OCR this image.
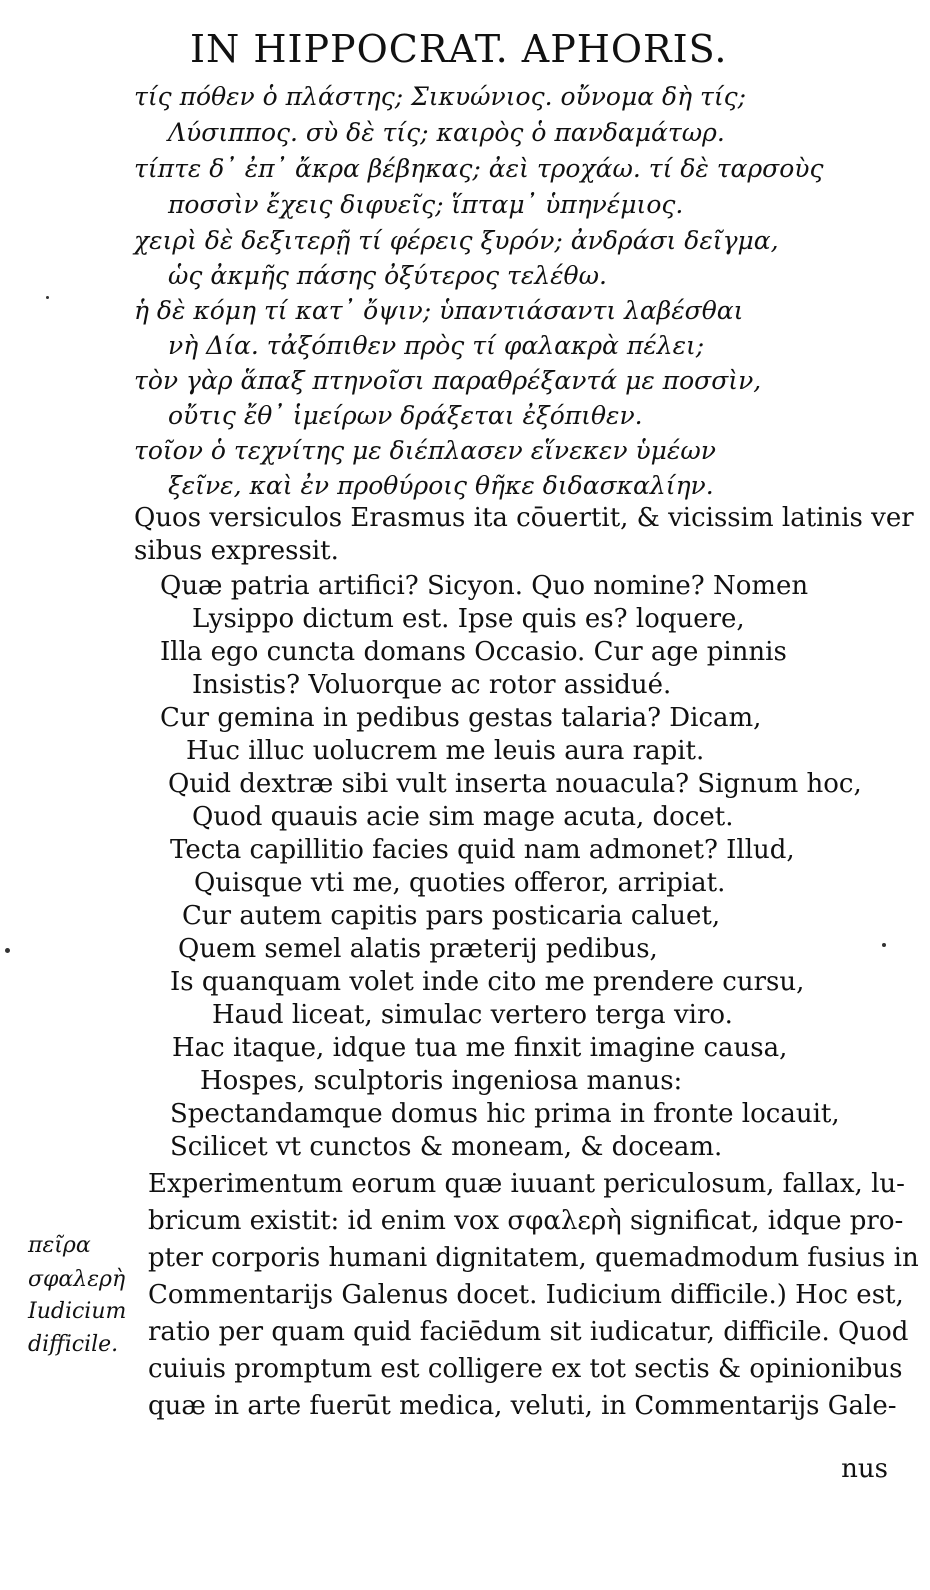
IN HIPPOCRAT. APHORIS.
τίς πόθεν ὁ πλάστης; Σικυώνιος. οὔνομα δὴ τίς;
Λύσιππος. σὺ δὲ τίς; καιρὸς ὁ πανδαμάτωρ.
τίπτε δ᾽ ἐπ᾽ ἄκρα βέβηκας; ἀεὶ τροχάω. τί δὲ ταρσοὺς
ποσσὶν ἔχεις διφυεῖς; ἵπταμ᾽ ὑπηνέμιος.
χειρὶ δὲ δεξιτερῇ τί φέρεις ξυρόν; ἀνδράσι δεῖγμα,
ὡς ἀκμῆς πάσης ὀξύτερος τελέθω.
ἡ δὲ κόμη τί κατ᾽ ὄψιν; ὑπαντιάσαντι λαβέσθαι
νὴ Δία. τἀξόπιθεν πρὸς τί φαλακρὰ πέλει;
τὸν γὰρ ἅπαξ πτηνοῖσι παραθρέξαντά με ποσσὶν,
οὔτις ἔθ᾽ ἱμείρων δράξεται ἐξόπιθεν.
τοῖον ὁ τεχνίτης με διέπλασεν εἵνεκεν ὑμέων
ξεῖνε, καὶ ἐν προθύροις θῆκε διδασκαλίην.
Quos versiculos Erasmus ita cōuertit, & vicissim latinis ver
sibus expressit.
Quæ patria artifici? Sicyon. Quo nomine? Nomen
Lysippo dictum est. Ipse quis es? loquere,
Illa ego cuncta domans Occasio. Cur age pinnis
Insistis? Voluorque ac rotor assidué.
Cur gemina in pedibus gestas talaria? Dicam,
Huc illuc uolucrem me leuis aura rapit.
Quid dextræ sibi vult inserta nouacula? Signum hoc,
Quod quauis acie sim mage acuta, docet.
Tecta capillitio facies quid nam admonet? Illud,
Quisque vti me, quoties offeror, arripiat.
Cur autem capitis pars posticaria caluet,
Quem semel alatis præterij pedibus,
Is quanquam volet inde cito me prendere cursu,
Haud liceat, simulac vertero terga viro.
Hac itaque, idque tua me finxit imagine causa,
Hospes, sculptoris ingeniosa manus:
Spectandamque domus hic prima in fronte locauit,
Scilicet vt cunctos & moneam, & doceam.
Experimentum eorum quæ iuuant periculosum, fallax, lu-
bricum existit: id enim vox σφαλερὴ significat, idque pro-
pter corporis humani dignitatem, quemadmodum fusius in
Commentarijs Galenus docet. Iudicium difficile.) Hoc est,
ratio per quam quid faciēdum sit iudicatur, difficile. Quod
cuiuis promptum est colligere ex tot sectis & opinionibus
quæ in arte fuerūt medica, veluti, in Commentarijs Gale-
πεῖρα
σφαλερὴ
Iudicium
difficile.
nus
